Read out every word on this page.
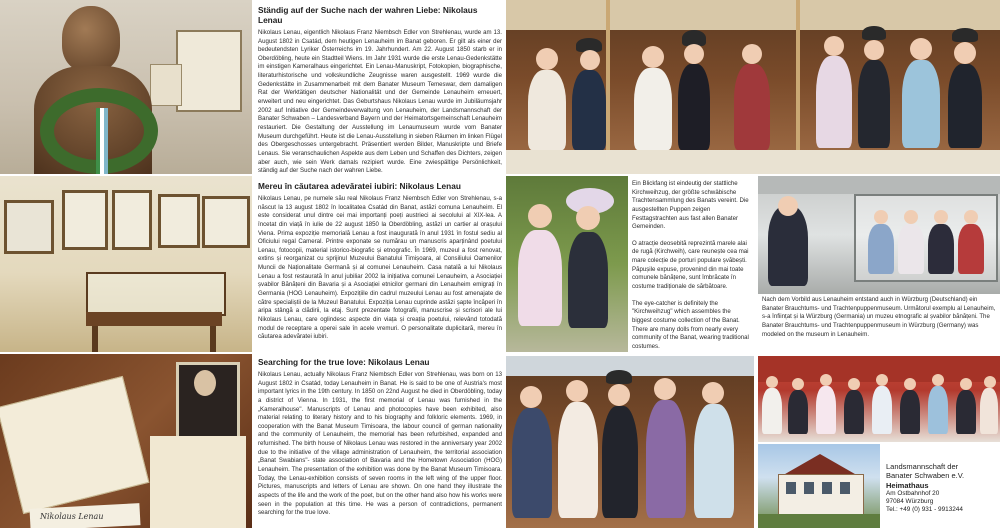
Nikolaus Lenau
Ständig auf der Suche nach der wahren Liebe: Nikolaus Lenau
Nikolaus Lenau, eigentlich Nikolaus Franz Niembsch Edler von Strehlenau, wurde am 13. August 1802 in Csatád, dem heutigen Lenauheim im Banat geboren. Er gilt als einer der bedeutendsten Lyriker Österreichs im 19. Jahrhundert. Am 22. August 1850 starb er in Oberdöbling, heute ein Stadtteil Wiens. Im Jahr 1931 wurde die erste Lenau-Gedenkstätte im einstigen Kameralhaus eingerichtet. Ein Lenau-Manuskript, Fotokopien, biographische, literaturhistorische und volkskundliche Zeugnisse waren ausgestellt. 1969 wurde die Gedenkstätte in Zusammenarbeit mit dem Banater Museum Temeswar, dem damaligen Rat der Werktätigen deutscher Nationalität und der Gemeinde Lenauheim erneuert, erweitert und neu eingerichtet. Das Geburtshaus Nikolaus Lenau wurde im Jubiläumsjahr 2002 auf Initiative der Gemeindeverwaltung von Lenauheim, der Landsmannschaft der Banater Schwaben – Landesverband Bayern und der Heimatortsgemeinschaft Lenauheim restauriert. Die Gestaltung der Ausstellung im Lenaumuseum wurde vom Banater Museum durchgeführt. Heute ist die Lenau-Ausstellung in sieben Räumen im linken Flügel des Obergeschosses untergebracht. Präsentiert werden Bilder, Manuskripte und Briefe Lenaus. Sie veranschaulichen Aspekte aus dem Leben und Schaffen des Dichters, zeigen aber auch, wie sein Werk damals rezipiert wurde. Eine zwiespältige Persönlichkeit, ständig auf der Suche nach der wahren Liebe.
Mereu în căutarea adevăratei iubiri: Nikolaus Lenau
Nikolaus Lenau, pe numele său real Nikolaus Franz Niembsch Edler von Strehlenau, s-a născut la 13 august 1802 în localitatea Csatád din Banat, astăzi comuna Lenauheim. El este considerat unul dintre cei mai importanți poeți austrieci ai secolului al XIX-lea. A încetat din viață în iulie de 22 august 1850 la Oberdöbling, astăzi un cartier al orașului Viena. Prima expoziție memorială Lenau a fost inaugurată în anul 1931 în fostul sediu al Oficiului regal Cameral. Printre exponate se numărau un manuscris aparținând poetului Lenau, fotocopii, material istorico-biografic și etnografic. În 1969, muzeul a fost renovat, extins și reorganizat cu sprijinul Muzeului Banatului Timișoara, al Consiliului Oamenilor Muncii de Naționalitate Germană și al comunei Lenauheim. Casa natală a lui Nikolaus Lenau a fost restaurată în anul jubiliar 2002 la inițiativa comunei Lenauheim, a Asociației șvabilor Bănățeni din Bavaria și a Asociației etnicilor germani din Lenauheim emigrați în Germania (HOG Lenauheim). Expozițiile din cadrul muzeului Lenau au fost amenajate de către specialiștii de la Muzeul Banatului. Expoziția Lenau cuprinde astăzi șapte încăperi în aripa stângă a clădirii, la etaj. Sunt prezentate fotografii, manuscrise și scrisori ale lui Nikolaus Lenau, care oglindesc aspecte din viața și creația poetului, relevând totodată modul de receptare a operei sale în acele vremuri. O personalitate duplicitară, mereu în căutarea adevăratei iubiri.
Searching for the true love: Nikolaus Lenau
Nikolaus Lenau, actually Nikolaus Franz Niembsch Edler von Strehlenau, was born on 13 August 1802 in Csatád, today Lenauheim in Banat. He is said to be one of Austria's most important lyrics in the 19th century. In 1850 on 22nd August he died in Oberdöbling, today a district of Vienna. In 1931, the first memorial of Lenau was furnished in the „Kameralhouse". Manuscripts of Lenau and photocopies have been exhibited, also material relating to literary history and to his biography and folkloric elements. 1969, in cooperation with the Banat Museum Timisoara, the labour council of german nationality and the community of Lenauheim, the memorial has been refurbished, expanded and refurnished. The birth house of Nikolaus Lenau was restored in the anniversary year 2002 due to the initiative of the village administration of Lenauheim, the territorial association „Banat Swabians"- state association of Bavaria and the Hometown Association (HOG) Lenauheim. The presentation of the exhibition was done by the Banat Museum Timisoara. Today, the Lenau-exhibition consists of seven rooms in the left wing of the upper floor. Pictures, manuscripts and letters of Lenau are shown. On one hand they illustrate the aspects of the life and the work of the poet, but on the other hand also how his works were seen in the population at this time. He was a person of contradictions, permanent searching for the true love.
Ein Blickfang ist eindeutig der stattliche Kirchweihzug, der größte schwäbische Trachtensammlung des Banats vereint. Die ausgestellten Puppen zeigen Festtagstrachten aus fast allen Banater Gemeinden.
O atracție deosebită reprezintă marele alai de rugă (Kirchweih), care reunește cea mai mare colecție de porturi populare șvăbești. Păpușile expuse, provenind din mai toate comunele bănățene, sunt îmbrăcate în costume tradiționale de sărbătoare.
The eye-catcher is definitely the "Kirchweihzug" which assembles the biggest costume collection of the Banat. There are many dolls from nearly every community of the Banat, wearing traditional costumes.
Nach dem Vorbild aus Lenauheim entstand auch in Würzburg (Deutschland) ein Banater Brauchtums- und Trachtenpuppenmuseum. Următorul exemplu al Lenauheim, s-a înființat și la Würzburg (Germania) un muzeu etnografic al șvabilor bănățeni. The Banater Brauchtums- und Trachtenpuppenmuseum in Würzburg (Germany) was modeled on the museum in Lenauheim.
Landsmannschaft der
Banater Schwaben e.V.
Heimathaus
Am Ostbahnhof 20
97084 Würzburg
Tel.: +49 (0) 931 - 9913244
